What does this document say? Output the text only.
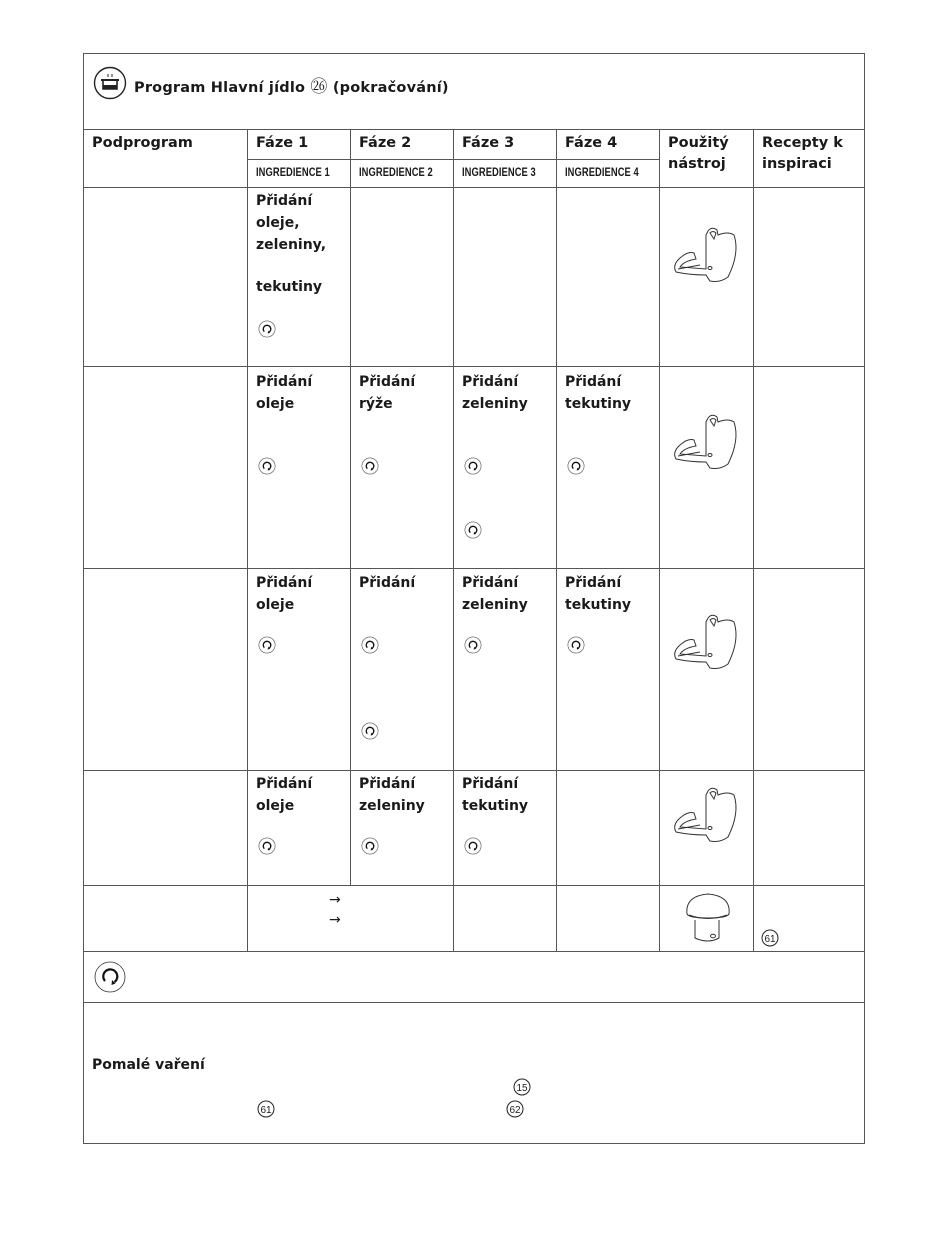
Program Hlavní jídlo ㉖ (pokračování)
Podprogram	Fáze 1	Fáze 2	Fáze 3	Fáze 4
INGREDIENCE 1 INGREDIENCE 2 INGREDIENCE 3 INGREDIENCE 4
Použitý
nástroj
Recepty k
inspiraci
Přidání
oleje,
zeleniny,
tekutiny
Přidání
oleje
Přidání
rýže
Přidání
zeleniny
Přidání
tekutiny
Přidání
oleje
Přidání	Přidání
zeleniny
Přidání
tekutiny
Přidání
oleje
Přidání
zeleniny
Přidání
tekutiny
→
→
61
Pomalé vaření
15
61	62
